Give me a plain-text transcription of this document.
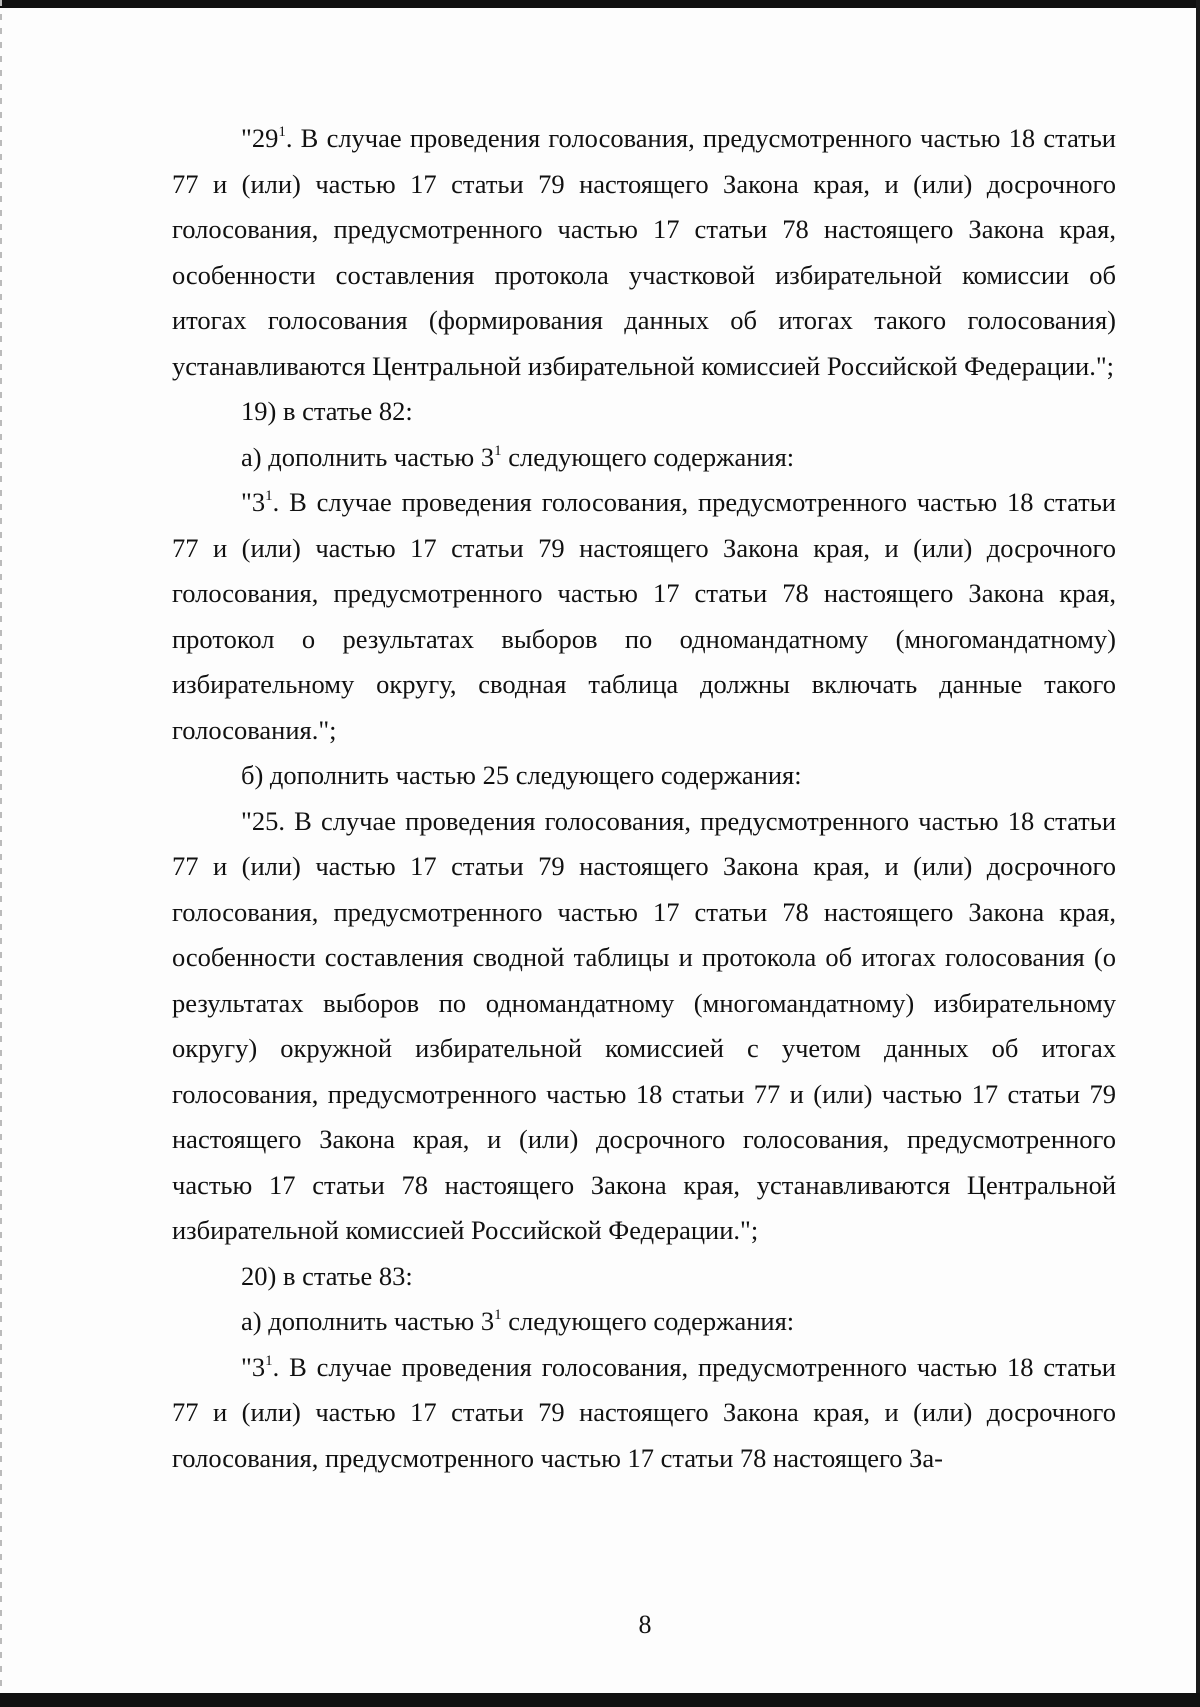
"$29^1$. В случае проведения голосования, предусмотренного частью 18 статьи 77 и (или) частью 17 статьи 79 настоящего Закона края, и (или) досрочного голосования, предусмотренного частью 17 статьи 78 настоящего Закона края, особенности составления протокола участковой избирательной комиссии об итогах голосования (формирования данных об итогах такого голосования) устанавливаются Центральной избирательной комиссией Российской Федерации.";

19) в статье 82:

а) дополнить частью $3^1$ следующего содержания:

"$3^1$. В случае проведения голосования, предусмотренного частью 18 статьи 77 и (или) частью 17 статьи 79 настоящего Закона края, и (или) досрочного голосования, предусмотренного частью 17 статьи 78 настоящего Закона края, протокол о результатах выборов по одномандатному (многомандатному) избирательному округу, сводная таблица должны включать данные такого голосования.";

б) дополнить частью 25 следующего содержания:

"25. В случае проведения голосования, предусмотренного частью 18 статьи 77 и (или) частью 17 статьи 79 настоящего Закона края, и (или) досрочного голосования, предусмотренного частью 17 статьи 78 настоящего Закона края, особенности составления сводной таблицы и протокола об итогах голосования (о результатах выборов по одномандатному (многомандатному) избирательному округу) окружной избирательной комиссией с учетом данных об итогах голосования, предусмотренного частью 18 статьи 77 и (или) частью 17 статьи 79 настоящего Закона края, и (или) досрочного голосования, предусмотренного частью 17 статьи 78 настоящего Закона края, устанавливаются Центральной избирательной комиссией Российской Федерации.";

20) в статье 83:

а) дополнить частью $3^1$ следующего содержания:

"$3^1$. В случае проведения голосования, предусмотренного частью 18 статьи 77 и (или) частью 17 статьи 79 настоящего Закона края, и (или) досрочного голосования, предусмотренного частью 17 статьи 78 настоящего За-

8
